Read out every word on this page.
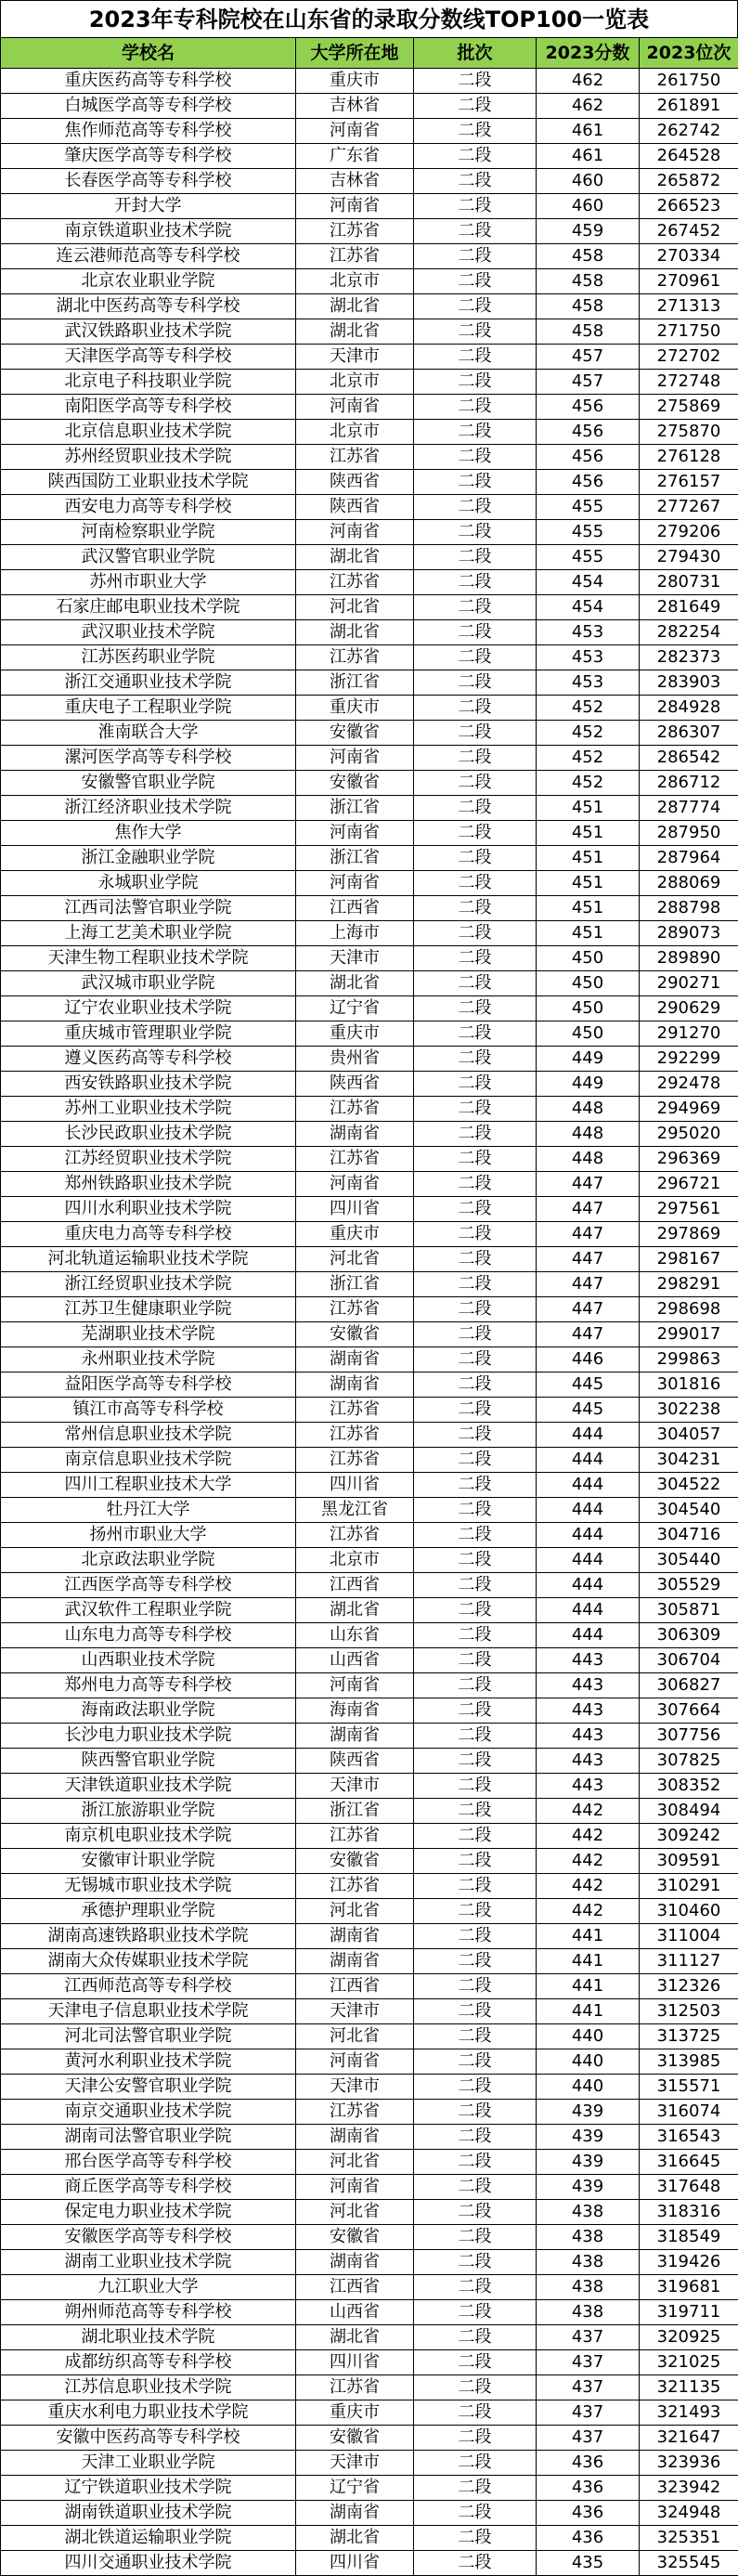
2023年专科院校在山东省的录取分数线TOP100一览表
学校名	大学所在地	批次	2023分数	2023位次
重庆医药高等专科学校	重庆市	二段	462	261750
白城医学高等专科学校	吉林省	二段	462	261891
焦作师范高等专科学校	河南省	二段	461	262742
肇庆医学高等专科学校	广东省	二段	461	264528
长春医学高等专科学校	吉林省	二段	460	265872
开封大学	河南省	二段	460	266523
南京铁道职业技术学院	江苏省	二段	459	267452
连云港师范高等专科学校	江苏省	二段	458	270334
北京农业职业学院	北京市	二段	458	270961
湖北中医药高等专科学校	湖北省	二段	458	271313
武汉铁路职业技术学院	湖北省	二段	458	271750
天津医学高等专科学校	天津市	二段	457	272702
北京电子科技职业学院	北京市	二段	457	272748
南阳医学高等专科学校	河南省	二段	456	275869
北京信息职业技术学院	北京市	二段	456	275870
苏州经贸职业技术学院	江苏省	二段	456	276128
陕西国防工业职业技术学院	陕西省	二段	456	276157
西安电力高等专科学校	陕西省	二段	455	277267
河南检察职业学院	河南省	二段	455	279206
武汉警官职业学院	湖北省	二段	455	279430
苏州市职业大学	江苏省	二段	454	280731
石家庄邮电职业技术学院	河北省	二段	454	281649
武汉职业技术学院	湖北省	二段	453	282254
江苏医药职业学院	江苏省	二段	453	282373
浙江交通职业技术学院	浙江省	二段	453	283903
重庆电子工程职业学院	重庆市	二段	452	284928
淮南联合大学	安徽省	二段	452	286307
漯河医学高等专科学校	河南省	二段	452	286542
安徽警官职业学院	安徽省	二段	452	286712
浙江经济职业技术学院	浙江省	二段	451	287774
焦作大学	河南省	二段	451	287950
浙江金融职业学院	浙江省	二段	451	287964
永城职业学院	河南省	二段	451	288069
江西司法警官职业学院	江西省	二段	451	288798
上海工艺美术职业学院	上海市	二段	451	289073
天津生物工程职业技术学院	天津市	二段	450	289890
武汉城市职业学院	湖北省	二段	450	290271
辽宁农业职业技术学院	辽宁省	二段	450	290629
重庆城市管理职业学院	重庆市	二段	450	291270
遵义医药高等专科学校	贵州省	二段	449	292299
西安铁路职业技术学院	陕西省	二段	449	292478
苏州工业职业技术学院	江苏省	二段	448	294969
长沙民政职业技术学院	湖南省	二段	448	295020
江苏经贸职业技术学院	江苏省	二段	448	296369
郑州铁路职业技术学院	河南省	二段	447	296721
四川水利职业技术学院	四川省	二段	447	297561
重庆电力高等专科学校	重庆市	二段	447	297869
河北轨道运输职业技术学院	河北省	二段	447	298167
浙江经贸职业技术学院	浙江省	二段	447	298291
江苏卫生健康职业学院	江苏省	二段	447	298698
芜湖职业技术学院	安徽省	二段	447	299017
永州职业技术学院	湖南省	二段	446	299863
益阳医学高等专科学校	湖南省	二段	445	301816
镇江市高等专科学校	江苏省	二段	445	302238
常州信息职业技术学院	江苏省	二段	444	304057
南京信息职业技术学院	江苏省	二段	444	304231
四川工程职业技术大学	四川省	二段	444	304522
牡丹江大学	黑龙江省	二段	444	304540
扬州市职业大学	江苏省	二段	444	304716
北京政法职业学院	北京市	二段	444	305440
江西医学高等专科学校	江西省	二段	444	305529
武汉软件工程职业学院	湖北省	二段	444	305871
山东电力高等专科学校	山东省	二段	444	306309
山西职业技术学院	山西省	二段	443	306704
郑州电力高等专科学校	河南省	二段	443	306827
海南政法职业学院	海南省	二段	443	307664
长沙电力职业技术学院	湖南省	二段	443	307756
陕西警官职业学院	陕西省	二段	443	307825
天津铁道职业技术学院	天津市	二段	443	308352
浙江旅游职业学院	浙江省	二段	442	308494
南京机电职业技术学院	江苏省	二段	442	309242
安徽审计职业学院	安徽省	二段	442	309591
无锡城市职业技术学院	江苏省	二段	442	310291
承德护理职业学院	河北省	二段	442	310460
湖南高速铁路职业技术学院	湖南省	二段	441	311004
湖南大众传媒职业技术学院	湖南省	二段	441	311127
江西师范高等专科学校	江西省	二段	441	312326
天津电子信息职业技术学院	天津市	二段	441	312503
河北司法警官职业学院	河北省	二段	440	313725
黄河水利职业技术学院	河南省	二段	440	313985
天津公安警官职业学院	天津市	二段	440	315571
南京交通职业技术学院	江苏省	二段	439	316074
湖南司法警官职业学院	湖南省	二段	439	316543
邢台医学高等专科学校	河北省	二段	439	316645
商丘医学高等专科学校	河南省	二段	439	317648
保定电力职业技术学院	河北省	二段	438	318316
安徽医学高等专科学校	安徽省	二段	438	318549
湖南工业职业技术学院	湖南省	二段	438	319426
九江职业大学	江西省	二段	438	319681
朔州师范高等专科学校	山西省	二段	438	319711
湖北职业技术学院	湖北省	二段	437	320925
成都纺织高等专科学校	四川省	二段	437	321025
江苏信息职业技术学院	江苏省	二段	437	321135
重庆水利电力职业技术学院	重庆市	二段	437	321493
安徽中医药高等专科学校	安徽省	二段	437	321647
天津工业职业学院	天津市	二段	436	323936
辽宁铁道职业技术学院	辽宁省	二段	436	323942
湖南铁道职业技术学院	湖南省	二段	436	324948
湖北铁道运输职业学院	湖北省	二段	436	325351
四川交通职业技术学院	四川省	二段	435	325545
